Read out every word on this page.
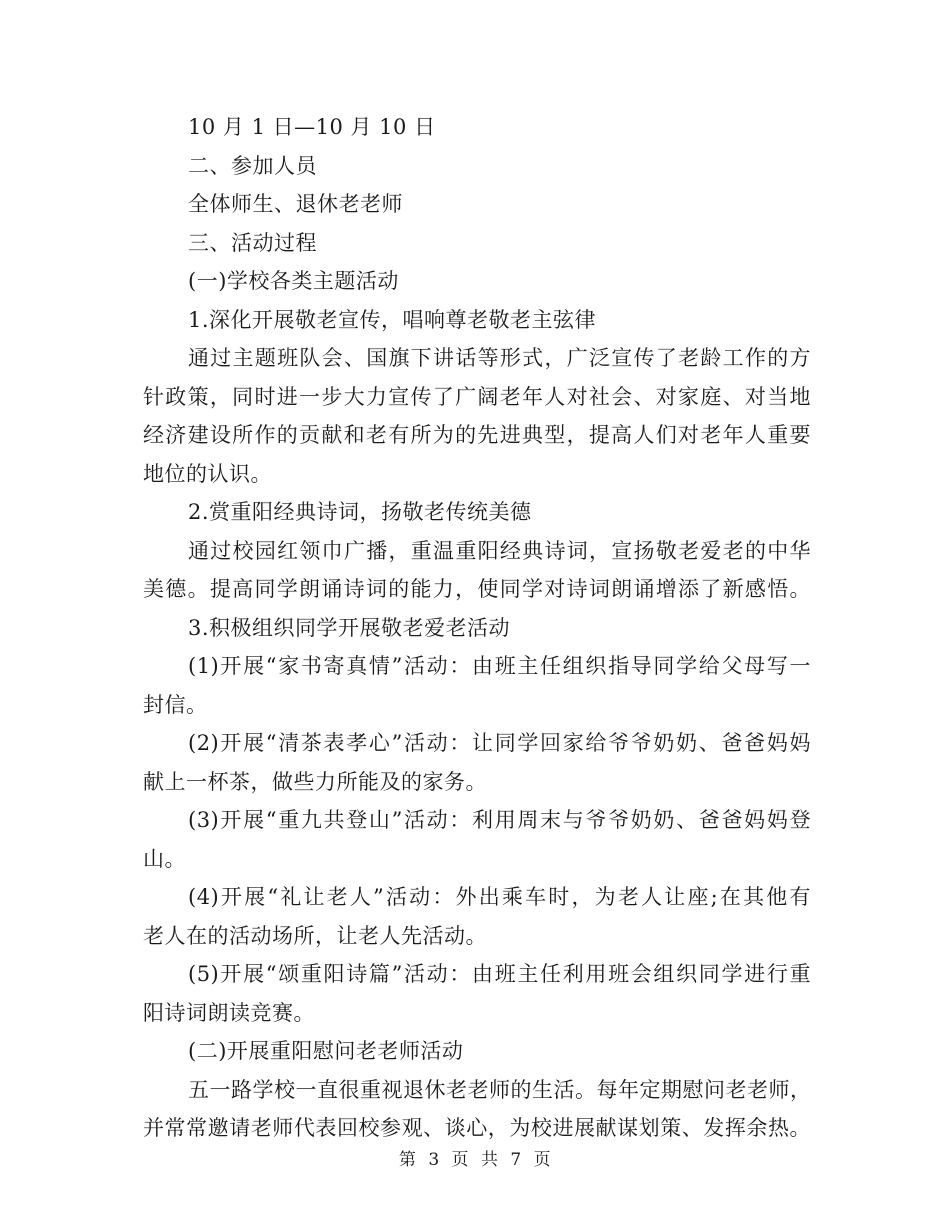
10 月 1 日—10 月 10 日
二、参加人员
全体师生、退休老老师
三、活动过程
(一)学校各类主题活动
1.深化开展敬老宣传，唱响尊老敬老主弦律
通过主题班队会、国旗下讲话等形式，广泛宣传了老龄工作的方
针政策，同时进一步大力宣传了广阔老年人对社会、对家庭、对当地
经济建设所作的贡献和老有所为的先进典型，提高人们对老年人重要
地位的认识。
2.赏重阳经典诗词，扬敬老传统美德
通过校园红领巾广播，重温重阳经典诗词，宣扬敬老爱老的中华
美德。提高同学朗诵诗词的能力，使同学对诗词朗诵增添了新感悟。
3.积极组织同学开展敬老爱老活动
(1)开展“家书寄真情”活动：由班主任组织指导同学给父母写一
封信。
(2)开展“清茶表孝心”活动：让同学回家给爷爷奶奶、爸爸妈妈
献上一杯茶，做些力所能及的家务。
(3)开展“重九共登山”活动：利用周末与爷爷奶奶、爸爸妈妈登
山。
(4)开展“礼让老人”活动：外出乘车时，为老人让座;在其他有
老人在的活动场所，让老人先活动。
(5)开展“颂重阳诗篇”活动：由班主任利用班会组织同学进行重
阳诗词朗读竞赛。
(二)开展重阳慰问老老师活动
五一路学校一直很重视退休老老师的生活。每年定期慰问老老师，
并常常邀请老师代表回校参观、谈心，为校进展献谋划策、发挥余热。
第 3 页 共 7 页
